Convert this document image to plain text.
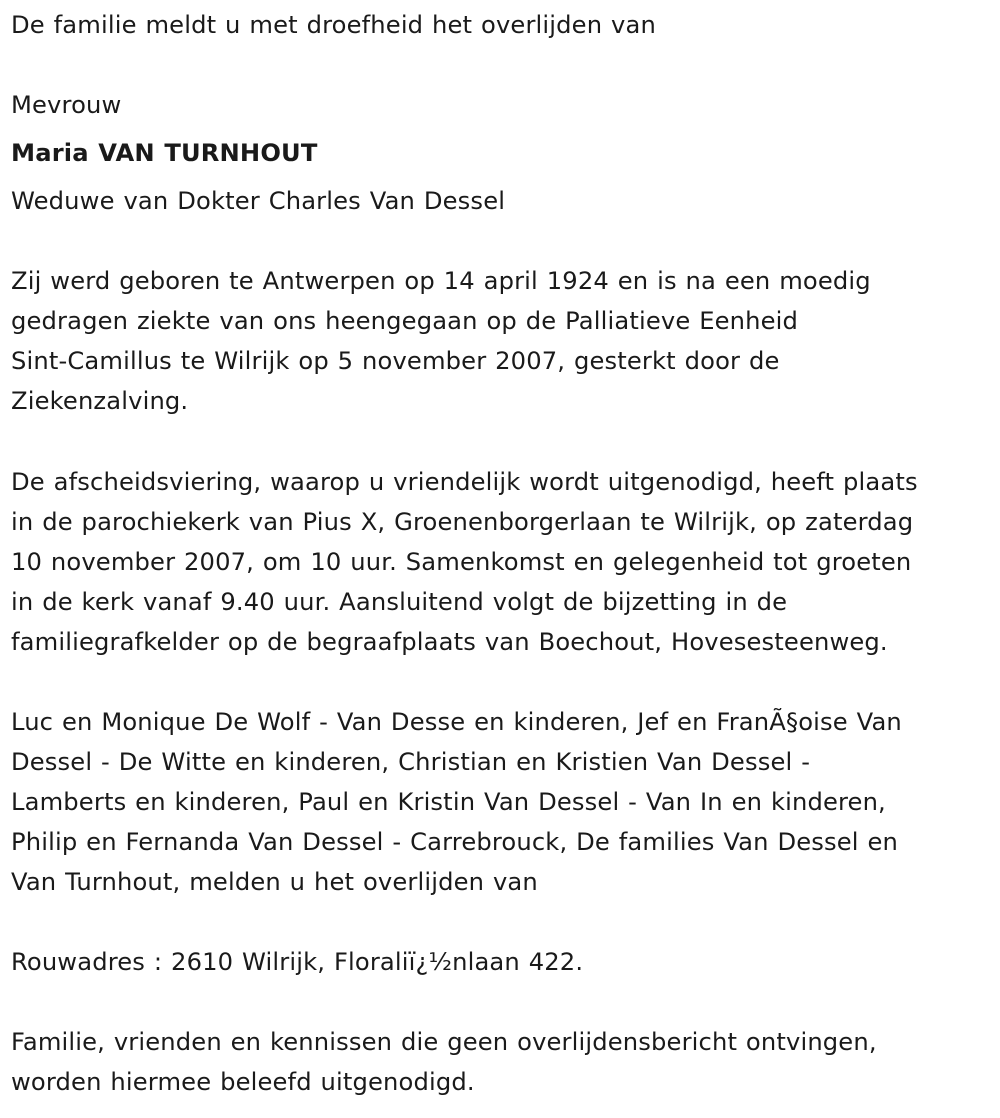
De familie meldt u met droefheid het overlijden van

Mevrouw

Maria VAN TURNHOUT

Weduwe van Dokter Charles Van Dessel

Zij werd geboren te Antwerpen op 14 april 1924 en is na een moedig
gedragen ziekte van ons heengegaan op de Palliatieve Eenheid
Sint-Camillus te Wilrijk op 5 november 2007, gesterkt door de
Ziekenzalving.

De afscheidsviering, waarop u vriendelijk wordt uitgenodigd, heeft plaats
in de parochiekerk van Pius X, Groenenborgerlaan te Wilrijk, op zaterdag
10 november 2007, om 10 uur. Samenkomst en gelegenheid tot groeten
in de kerk vanaf 9.40 uur. Aansluitend volgt de bijzetting in de
familiegrafkelder op de begraafplaats van Boechout, Hovesesteenweg.

Luc en Monique De Wolf - Van Desse en kinderen, Jef en FranÃ§oise Van
Dessel - De Witte en kinderen, Christian en Kristien Van Dessel -
Lamberts en kinderen, Paul en Kristin Van Dessel - Van In en kinderen,
Philip en Fernanda Van Dessel - Carrebrouck, De families Van Dessel en
Van Turnhout, melden u het overlijden van

Rouwadres : 2610 Wilrijk, Floraliï¿½nlaan 422.

Familie, vrienden en kennissen die geen overlijdensbericht ontvingen,
worden hiermee beleefd uitgenodigd.
